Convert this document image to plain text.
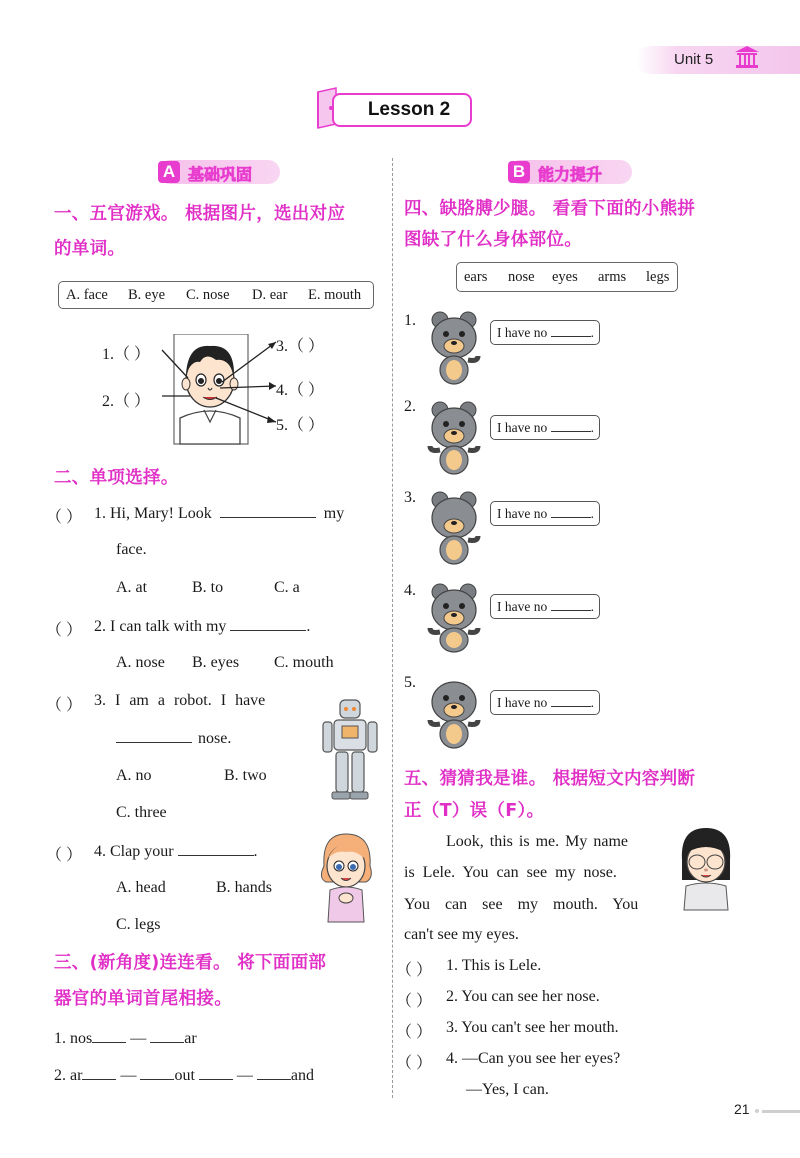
Unit 5
Lesson 2
A 基础巩固	B 能力提升
一、五官游戏。 根据图片，选出对应
的单词。
A. face B. eye C. nose D. ear E. mouth
1.（ ）
2.（ ）
3.（ ）
4.（ ）
5.（ ）
二、单项选择。
（ ） 1. Hi, Mary! Look	my
face.
A. at	B. to	C. a
（ ） 2. I can talk with my	.
A. nose B. eyes C. mouth
（ ） 3. I am a robot. I have
nose.
A. no	B. two
C. three
（ ） 4. Clap your	.
A. head	B. hands
C. legs
三、(新角度)连连看。 将下面面部
器官的单词首尾相接。
1. nos — ar
2. ar — out	— and
四、缺胳膊少腿。 看看下面的小熊拼
图缺了什么身体部位。
ears nose eyes arms legs
1.
I have no	.
2.
I have no	.
3.
I have no	.
4.
I have no	.
5.
I have no	.
五、猜猜我是谁。 根据短文内容判断
正（T）误（F）。
Look, this is me. My name
is Lele. You can see my nose.
You can see my mouth. You
can't see my eyes.
（ ） 1. This is Lele.
（ ） 2. You can see her nose.
（ ） 3. You can't see her mouth.
（ ） 4. —Can you see her eyes?
—Yes, I can.
21
